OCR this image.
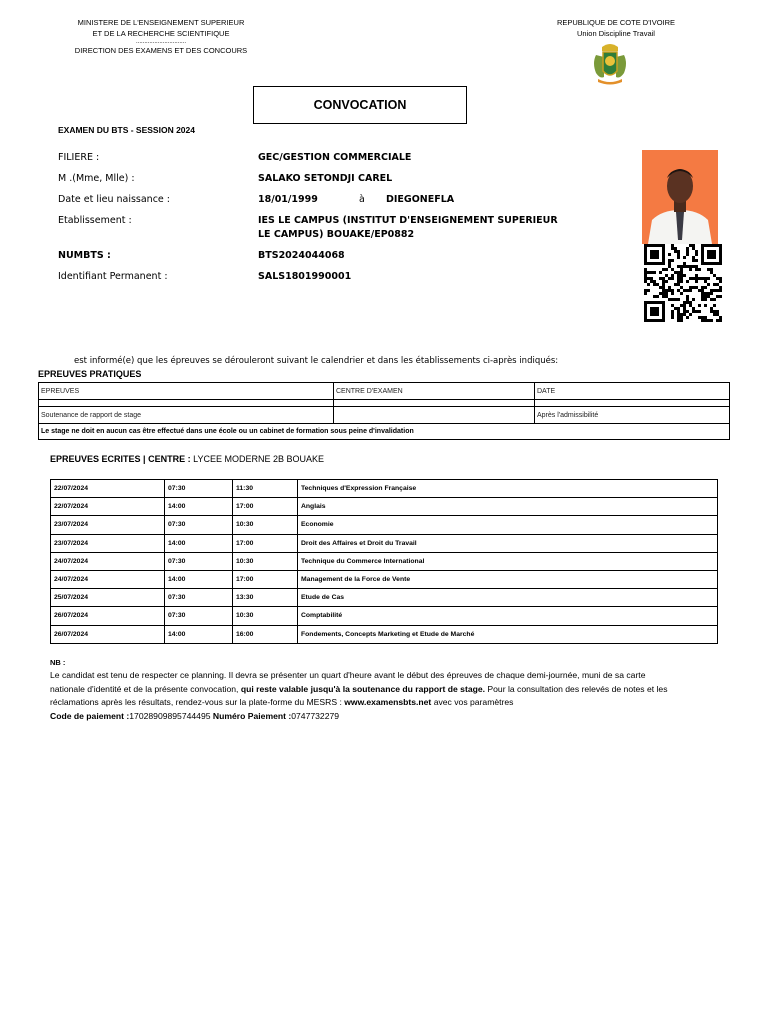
MINISTERE DE L'ENSEIGNEMENT SUPERIEUR
ET DE LA RECHERCHE SCIENTIFIQUE
..............................
DIRECTION DES EXAMENS ET DES CONCOURS
REPUBLIQUE DE COTE D'IVOIRE
Union Discipline Travail
CONVOCATION
EXAMEN DU BTS - SESSION 2024
FILIERE :	GEC/GESTION COMMERCIALE
M .(Mme, Mlle) :	SALAKO SETONDJI CAREL
Date et lieu naissance :	18/01/1999	à DIEGONEFLA
Etablissement :	IES LE CAMPUS (INSTITUT D'ENSEIGNEMENT SUPERIEUR
LE CAMPUS) BOUAKE/EP0882
NUMBTS :	BTS2024044068
Identifiant Permanent :	SALS1801990001
est informé(e) que les épreuves se dérouleront suivant le calendrier et dans les établissements ci-après indiqués:
EPREUVES PRATIQUES
EPREUVES	CENTRE D'EXAMEN	DATE

Soutenance de rapport de stage		Après l'admissibilité
Le stage ne doit en aucun cas être effectué dans une école ou un cabinet de formation sous peine d'invalidation		
EPREUVES ECRITES | CENTRE : LYCEE MODERNE 2B BOUAKE
22/07/2024	07:30	11:30	Techniques d'Expression Française
22/07/2024	14:00	17:00	Anglais
23/07/2024	07:30	10:30	Economie
23/07/2024	14:00	17:00	Droit des Affaires et Droit du Travail
24/07/2024	07:30	10:30	Technique du Commerce International
24/07/2024	14:00	17:00	Management de la Force de Vente
25/07/2024	07:30	13:30	Etude de Cas
26/07/2024	07:30	10:30	Comptabilité
26/07/2024	14:00	16:00	Fondements, Concepts Marketing et Etude de Marché
NB :
Le candidat est tenu de respecter ce planning. Il devra se présenter un quart d'heure avant le début des épreuves de chaque demi-journée, muni de sa carte nationale d'identité et de la présente convocation, qui reste valable jusqu'à la soutenance du rapport de stage. Pour la consultation des relevés de notes et les réclamations après les résultats, rendez-vous sur la plate-forme du MESRS : www.examensbts.net avec vos paramètres
Code de paiement :17028909895744495 Numéro Paiement :0747732279
